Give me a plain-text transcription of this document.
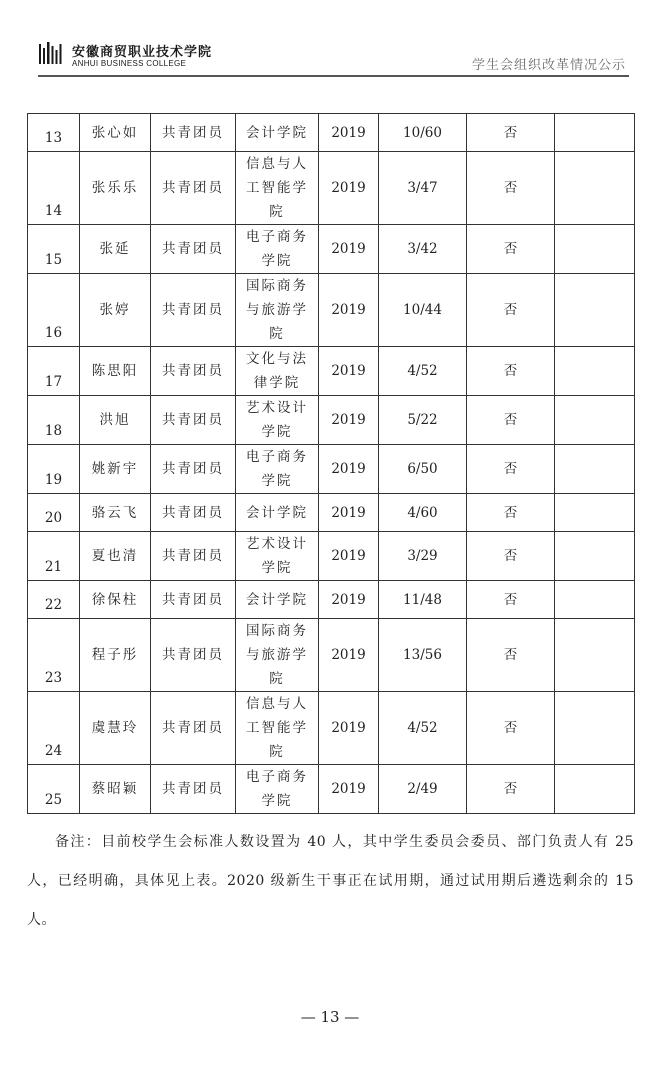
安徽商贸职业技术学院
ANHUI BUSINESS COLLEGE	学生会组织改革情况公示
13	张心如	共青团员	会计学院	2019	10/60	否	
14	张乐乐	共青团员	信息与人
工智能学
院	2019	3/47	否	
15	张延	共青团员	电子商务
学院	2019	3/42	否	
16	张婷	共青团员	国际商务
与旅游学
院	2019	10/44	否	
17	陈思阳	共青团员	文化与法
律学院	2019	4/52	否	
18	洪旭	共青团员	艺术设计
学院	2019	5/22	否	
19	姚新宇	共青团员	电子商务
学院	2019	6/50	否	
20	骆云飞	共青团员	会计学院	2019	4/60	否	
21	夏也清	共青团员	艺术设计
学院	2019	3/29	否	
22	徐保柱	共青团员	会计学院	2019	11/48	否	
23	程子彤	共青团员	国际商务
与旅游学
院	2019	13/56	否	
24	虞慧玲	共青团员	信息与人
工智能学
院	2019	4/52	否	
25	蔡昭颖	共青团员	电子商务
学院	2019	2/49	否	

备注：目前校学生会标准人数设置为 40 人，其中学生委员会委员、部门负责人有 25 人，已经明确，具体见上表。2020 级新生干事正在试用期，通过试用期后遴选剩余的 15 人。

— 13 —
